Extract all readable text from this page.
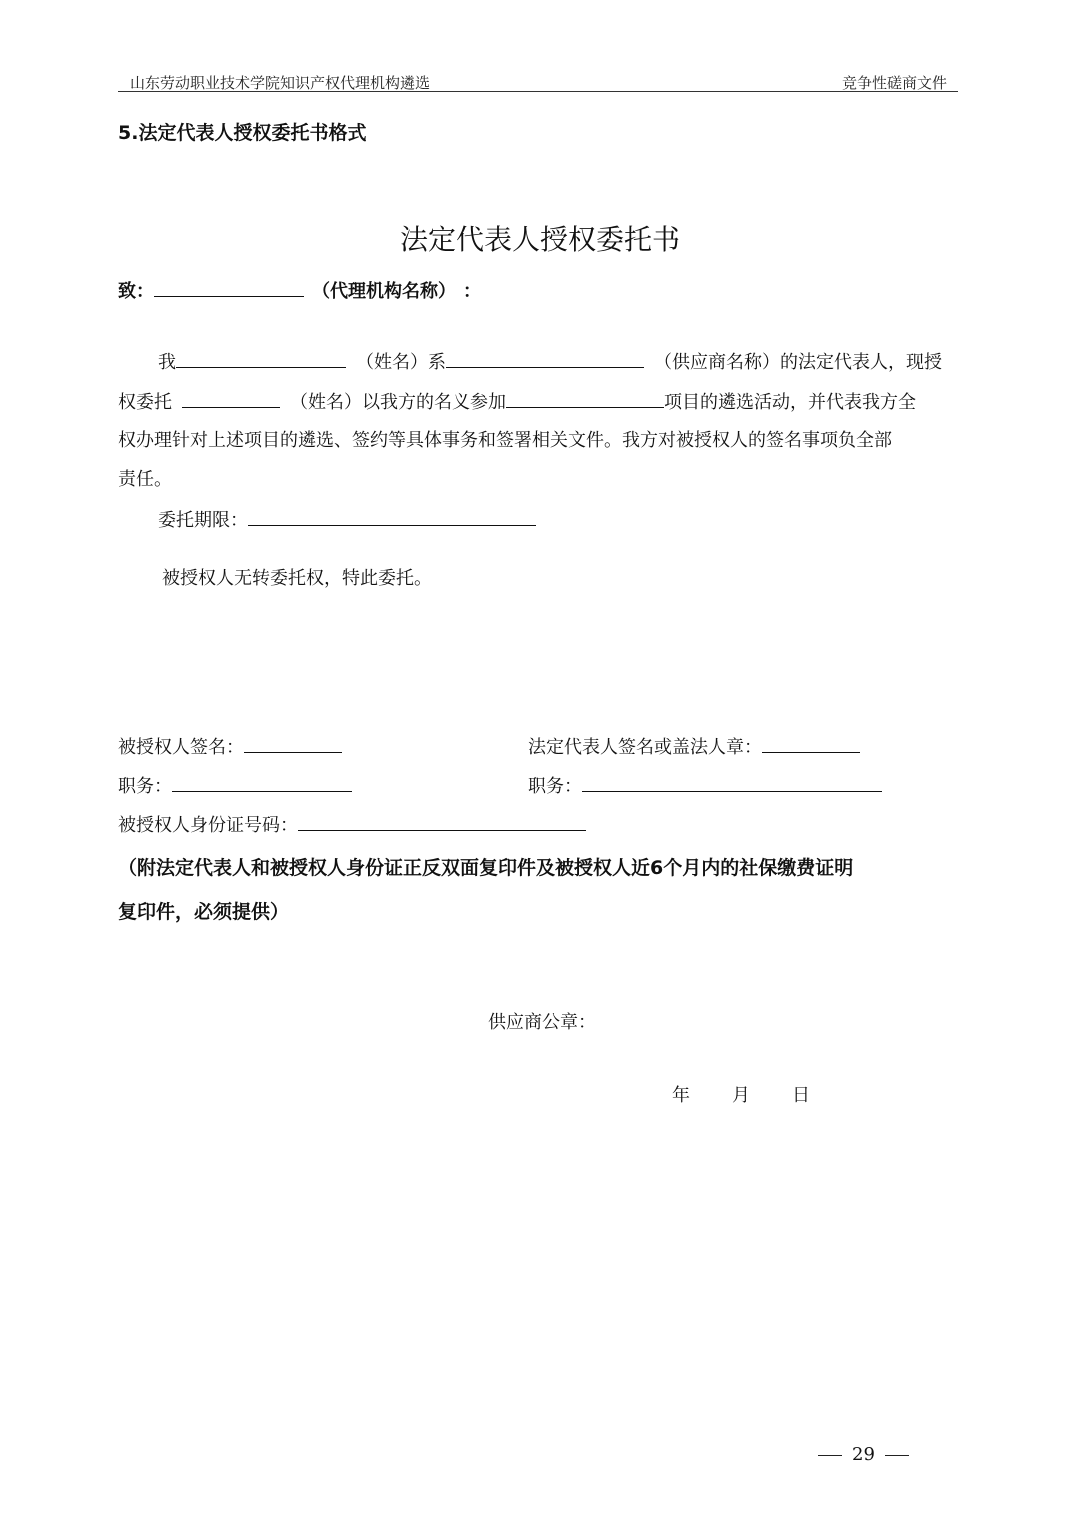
山东劳动职业技术学院知识产权代理机构遴选	竞争性磋商文件
5.法定代表人授权委托书格式
法定代表人授权委托书
致：	（代理机构名称） ：
我	（姓名）系	（供应商名称）的法定代表人，现授
权委托	（姓名）以我方的名义参加	项目的遴选活动，并代表我方全
权办理针对上述项目的遴选、签约等具体事务和签署相关文件。我方对被授权人的签名事项负全部
责任。
委托期限：
被授权人无转委托权，特此委托。
被授权人签名：	法定代表人签名或盖法人章：
职务：	职务：
被授权人身份证号码：
（附法定代表人和被授权人身份证正反双面复印件及被授权人近6个月内的社保缴费证明
复印件，必须提供）
供应商公章：
年 月 日
29
